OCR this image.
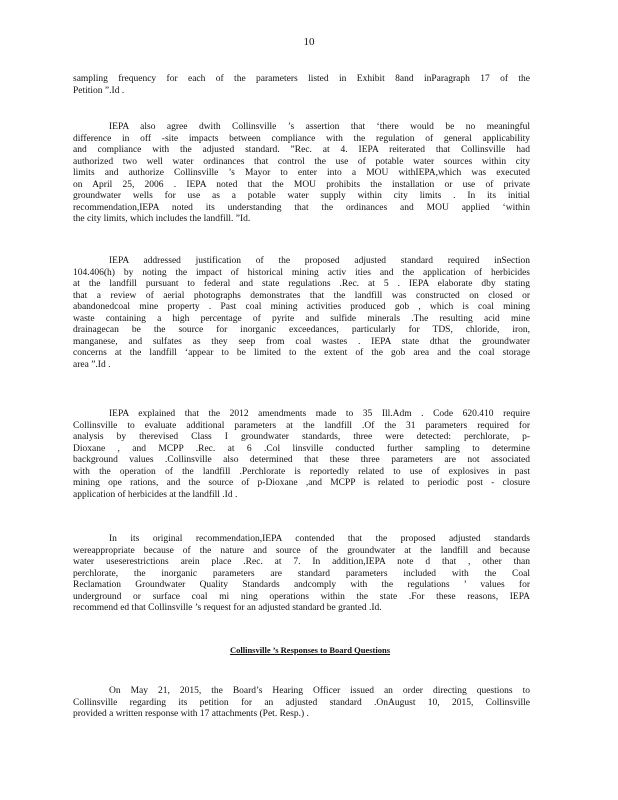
10
sampling frequency for each of the parameters listed in Exhibit 8and inParagraph 17 of the
Petition ”.Id .
IEPA also agree dwith Collinsville ’s assertion that ‘there would be no meaningful
difference in off -site impacts between compliance with the regulation of general applicability
and compliance with the adjusted standard. ”Rec. at 4. IEPA reiterated that Collinsville had
authorized two well water ordinances that control the use of potable water sources within city
limits and authorize Collinsville ’s Mayor to enter into a MOU withIEPA,which was executed
on April 25, 2006 . IEPA noted that the MOU prohibits the installation or use of private
groundwater wells for use as a potable water supply within city limits . In its initial
recommendation,IEPA noted its understanding that the ordinances and MOU applied ‘within
the city limits, which includes the landfill. ”Id.
IEPA addressed justification of the proposed adjusted standard required inSection
104.406(h) by noting the impact of historical mining activ ities and the application of herbicides
at the landfill pursuant to federal and state regulations .Rec. at 5 . IEPA elaborate dby stating
that a review of aerial photographs demonstrates that the landfill was constructed on closed or
abandonedcoal mine property . Past coal mining activities produced gob , which is coal mining
waste containing a high percentage of pyrite and sulfide minerals .The resulting acid mine
drainagecan be the source for inorganic exceedances, particularly for TDS, chloride, iron,
manganese, and sulfates as they seep from coal wastes . IEPA state dthat the groundwater
concerns at the landfill ‘appear to be limited to the extent of the gob area and the coal storage
area ”.Id .
IEPA explained that the 2012 amendments made to 35 Ill.Adm . Code 620.410 require
Collinsville to evaluate additional parameters at the landfill .Of the 31 parameters required for
analysis by therevised Class I groundwater standards, three were detected: perchlorate, p-
Dioxane , and MCPP .Rec. at 6 .Col linsville conducted further sampling to determine
background values .Collinsville also determined that these three parameters are not associated
with the operation of the landfill .Perchlorate is reportedly related to use of explosives in past
mining ope rations, and the source of p-Dioxane ,and MCPP is related to periodic post - closure
application of herbicides at the landfill .Id .
In its original recommendation,IEPA contended that the proposed adjusted standards
wereappropriate because of the nature and source of the groundwater at the landfill and because
water useserestrictions arein place .Rec. at 7. In addition,IEPA note d that , other than
perchlorate, the inorganic parameters are standard parameters included with the Coal
Reclamation Groundwater Quality Standards andcomply with the regulations ’ values for
underground or surface coal mi ning operations within the state .For these reasons, IEPA
recommend ed that Collinsville ’s request for an adjusted standard be granted .Id.
Collinsville ’s Responses to Board Questions
On May 21, 2015, the Board’s Hearing Officer issued an order directing questions to
Collinsville regarding its petition for an adjusted standard .OnAugust 10, 2015, Collinsville
provided a written response with 17 attachments (Pet. Resp.) .
